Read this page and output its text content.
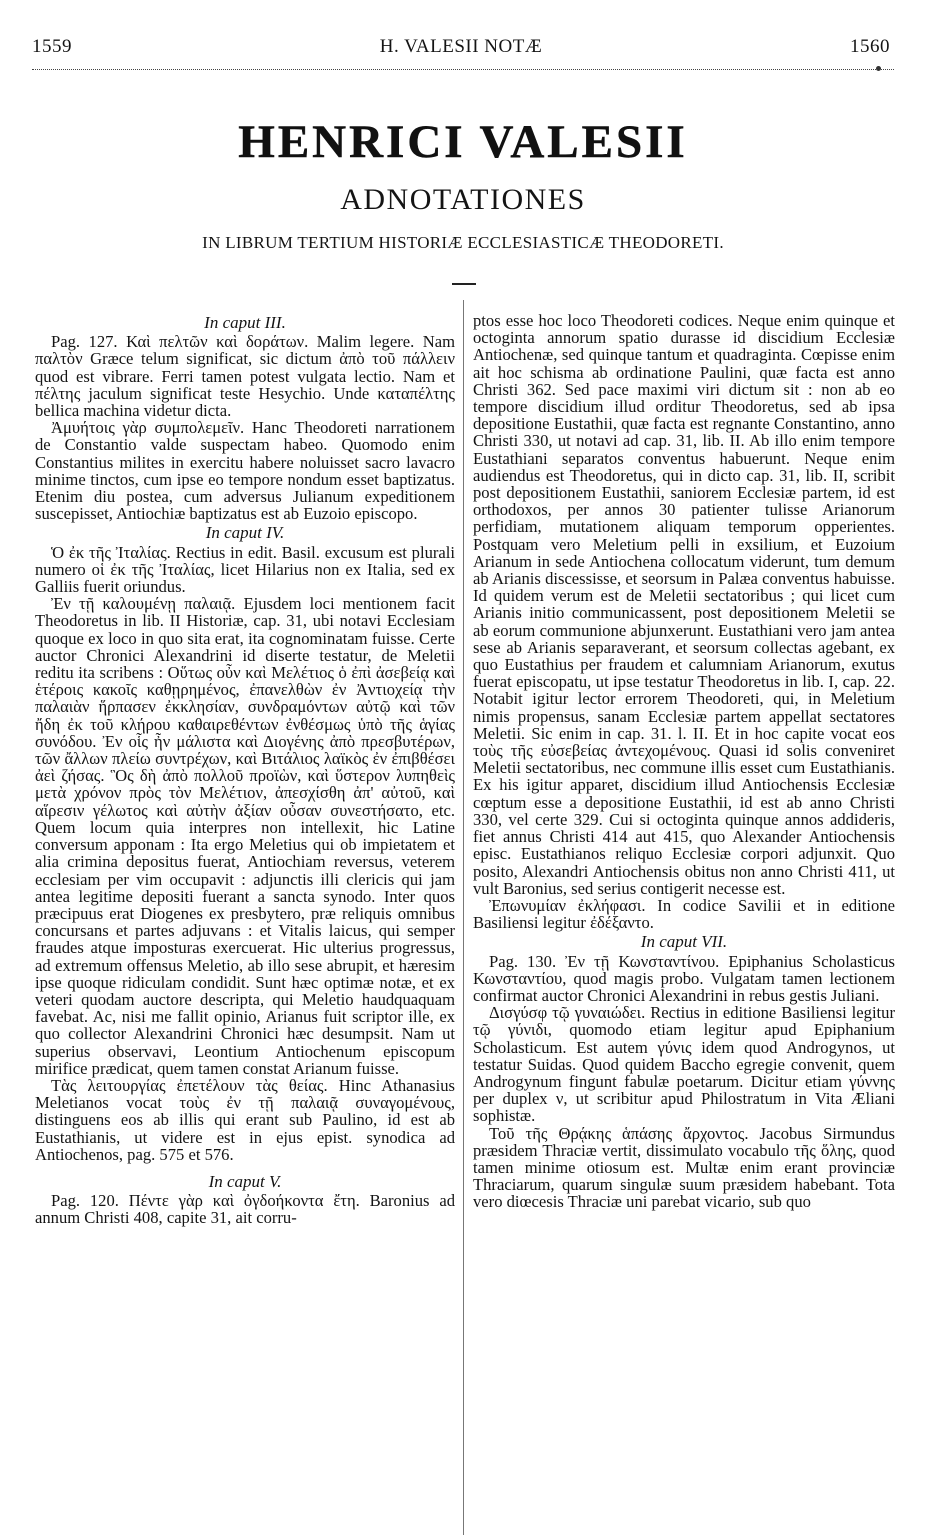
1559	H. VALESII NOTÆ	1560
HENRICI VALESII
ADNOTATIONES
IN LIBRUM TERTIUM HISTORIÆ ECCLESIASTICÆ THEODORETI.

In caput III.

Pag. 127. Καὶ πελτῶν καὶ δοράτων. Malim legere. Nam παλτὸν Græce telum significat, sic dictum ἀπὸ τοῦ πάλλειν quod est vibrare. Ferri tamen potest vulgata lectio. Nam et πέλτης jaculum significat teste Hesychio. Unde καταπέλτης bellica machina videtur dicta.

Ἀμυήτοις γὰρ συμπολεμεῖν. Hanc Theodoreti narrationem de Constantio valde suspectam habeo. Quomodo enim Constantius milites in exercitu habere noluisset sacro lavacro minime tinctos, cum ipse eo tempore nondum esset baptizatus. Etenim diu postea, cum adversus Julianum expeditionem suscepisset, Antiochiæ baptizatus est ab Euzoio episcopo.

In caput IV.

Ὁ ἐκ τῆς Ἰταλίας. Rectius in edit. Basil. excusum est plurali numero οἱ ἐκ τῆς Ἰταλίας, licet Hilarius non ex Italia, sed ex Galliis fuerit oriundus.

Ἐν τῇ καλουμένῃ παλαιᾷ. Ejusdem loci mentionem facit Theodoretus in lib. II Historiæ, cap. 31, ubi notavi Ecclesiam quoque ex loco in quo sita erat, ita cognominatam fuisse. Certe auctor Chronici Alexandrini id diserte testatur, de Meletii reditu ita scribens : Οὕτως οὖν καὶ Μελέτιος ὁ ἐπὶ ἀσεβείᾳ καὶ ἑτέροις κακοῖς καθῃρημένος, ἐπανελθὼν ἐν Ἀντιοχείᾳ τὴν παλαιὰν ἥρπασεν ἐκκλησίαν, συνδραμόντων αὐτῷ καὶ τῶν ἤδη ἐκ τοῦ κλήρου καθαιρεθέντων ἐνθέσμως ὑπὸ τῆς ἁγίας συνόδου. Ἐν οἷς ἦν μάλιστα καὶ Διογένης ἀπὸ πρεσβυτέρων, τῶν ἄλλων πλείω συντρέχων, καὶ Βιτάλιος λαϊκὸς ἐν ἐπιβθέσει ἀεὶ ζήσας. Ὃς δὴ ἀπὸ πολλοῦ προϊὼν, καὶ ὕστερον λυπηθεὶς μετὰ χρόνον πρὸς τὸν Μελέτιον, ἀπεσχίσθη ἀπ' αὐτοῦ, καὶ αἵρεσιν γέλωτος καὶ αὐτὴν ἀξίαν οὖσαν συνεστήσατο, etc. Quem locum quia interpres non intellexit, hic Latine conversum apponam : Ita ergo Meletius qui ob impietatem et alia crimina depositus fuerat, Antiochiam reversus, veterem ecclesiam per vim occupavit : adjunctis illi clericis qui jam antea legitime depositi fuerant a sancta synodo. Inter quos præcipuus erat Diogenes ex presbytero, præ reliquis omnibus concursans et partes adjuvans : et Vitalis laicus, qui semper fraudes atque imposturas exercuerat. Hic ulterius progressus, ad extremum offensus Meletio, ab illo sese abrupit, et hæresim ipse quoque ridiculam condidit. Sunt hæc optimæ notæ, et ex veteri quodam auctore descripta, qui Meletio haudquaquam favebat. Ac, nisi me fallit opinio, Arianus fuit scriptor ille, ex quo collector Alexandrini Chronici hæc desumpsit. Nam ut superius observavi, Leontium Antiochenum episcopum mirifice prædicat, quem tamen constat Arianum fuisse.

Τὰς λειτουργίας ἐπετέλουν τὰς θείας. Hinc Athanasius Meletianos vocat τοὺς ἐν τῇ παλαιᾷ συναγομένους, distinguens eos ab illis qui erant sub Paulino, id est ab Eustathianis, ut videre est in ejus epist. synodica ad Antiochenos, pag. 575 et 576.

In caput V.

Pag. 120. Πέντε γὰρ καὶ ὀγδοήκοντα ἔτη. Baronius ad annum Christi 408, capite 31, ait corru-

ptos esse hoc loco Theodoreti codices. Neque enim quinque et octoginta annorum spatio durasse id discidium Ecclesiæ Antiochenæ, sed quinque tantum et quadraginta. Cœpisse enim ait hoc schisma ab ordinatione Paulini, quæ facta est anno Christi 362. Sed pace maximi viri dictum sit : non ab eo tempore discidium illud orditur Theodoretus, sed ab ipsa depositione Eustathii, quæ facta est regnante Constantino, anno Christi 330, ut notavi ad cap. 31, lib. II. Ab illo enim tempore Eustathiani separatos conventus habuerunt. Neque enim audiendus est Theodoretus, qui in dicto cap. 31, lib. II, scribit post depositionem Eustathii, saniorem Ecclesiæ partem, id est orthodoxos, per annos 30 patienter tulisse Arianorum perfidiam, mutationem aliquam temporum opperientes. Postquam vero Meletium pelli in exsilium, et Euzoium Arianum in sede Antiochena collocatum viderunt, tum demum ab Arianis discessisse, et seorsum in Palæa conventus habuisse. Id quidem verum est de Meletii sectatoribus ; qui licet cum Arianis initio communicassent, post depositionem Meletii se ab eorum communione abjunxerunt. Eustathiani vero jam antea sese ab Arianis separaverant, et seorsum collectas agebant, ex quo Eustathius per fraudem et calumniam Arianorum, exutus fuerat episcopatu, ut ipse testatur Theodoretus in lib. I, cap. 22. Notabit igitur lector errorem Theodoreti, qui, in Meletium nimis propensus, sanam Ecclesiæ partem appellat sectatores Meletii. Sic enim in cap. 31. l. II. Et in hoc capite vocat eos τοὺς τῆς εὐσεβείας ἀντεχομένους. Quasi id solis conveniret Meletii sectatoribus, nec commune illis esset cum Eustathianis. Ex his igitur apparet, discidium illud Antiochensis Ecclesiæ cœptum esse a depositione Eustathii, id est ab anno Christi 330, vel certe 329. Cui si octoginta quinque annos addideris, fiet annus Christi 414 aut 415, quo Alexander Antiochensis episc. Eustathianos reliquo Ecclesiæ corpori adjunxit. Quo posito, Alexandri Antiochensis obitus non anno Christi 411, ut vult Baronius, sed serius contigerit necesse est.

Ἐπωνυμίαν ἐκλήφασι. In codice Savilii et in editione Basiliensi legitur ἐδέξαντο.

In caput VII.

Pag. 130. Ἐν τῇ Κωνσταντίνου. Epiphanius Scholasticus Κωνσταντίου, quod magis probo. Vulgatam tamen lectionem confirmat auctor Chronici Alexandrini in rebus gestis Juliani.

Δισγύσφ τῷ γυναιώδει. Rectius in editione Basiliensi legitur τῷ γύνιδι, quomodo etiam legitur apud Epiphanium Scholasticum. Est autem γύνις idem quod Androgynos, ut testatur Suidas. Quod quidem Baccho egregie convenit, quem Androgynum fingunt fabulæ poetarum. Dicitur etiam γύννης per duplex ν, ut scribitur apud Philostratum in Vita Æliani sophistæ.

Τοῦ τῆς Θρᾴκης ἁπάσης ἄρχοντος. Jacobus Sirmundus præsidem Thraciæ vertit, dissimulato vocabulo τῆς ὅλης, quod tamen minime otiosum est. Multæ enim erant provinciæ Thraciarum, quarum singulæ suum præsidem habebant. Tota vero diœcesis Thraciæ uni parebat vicario, sub quo
